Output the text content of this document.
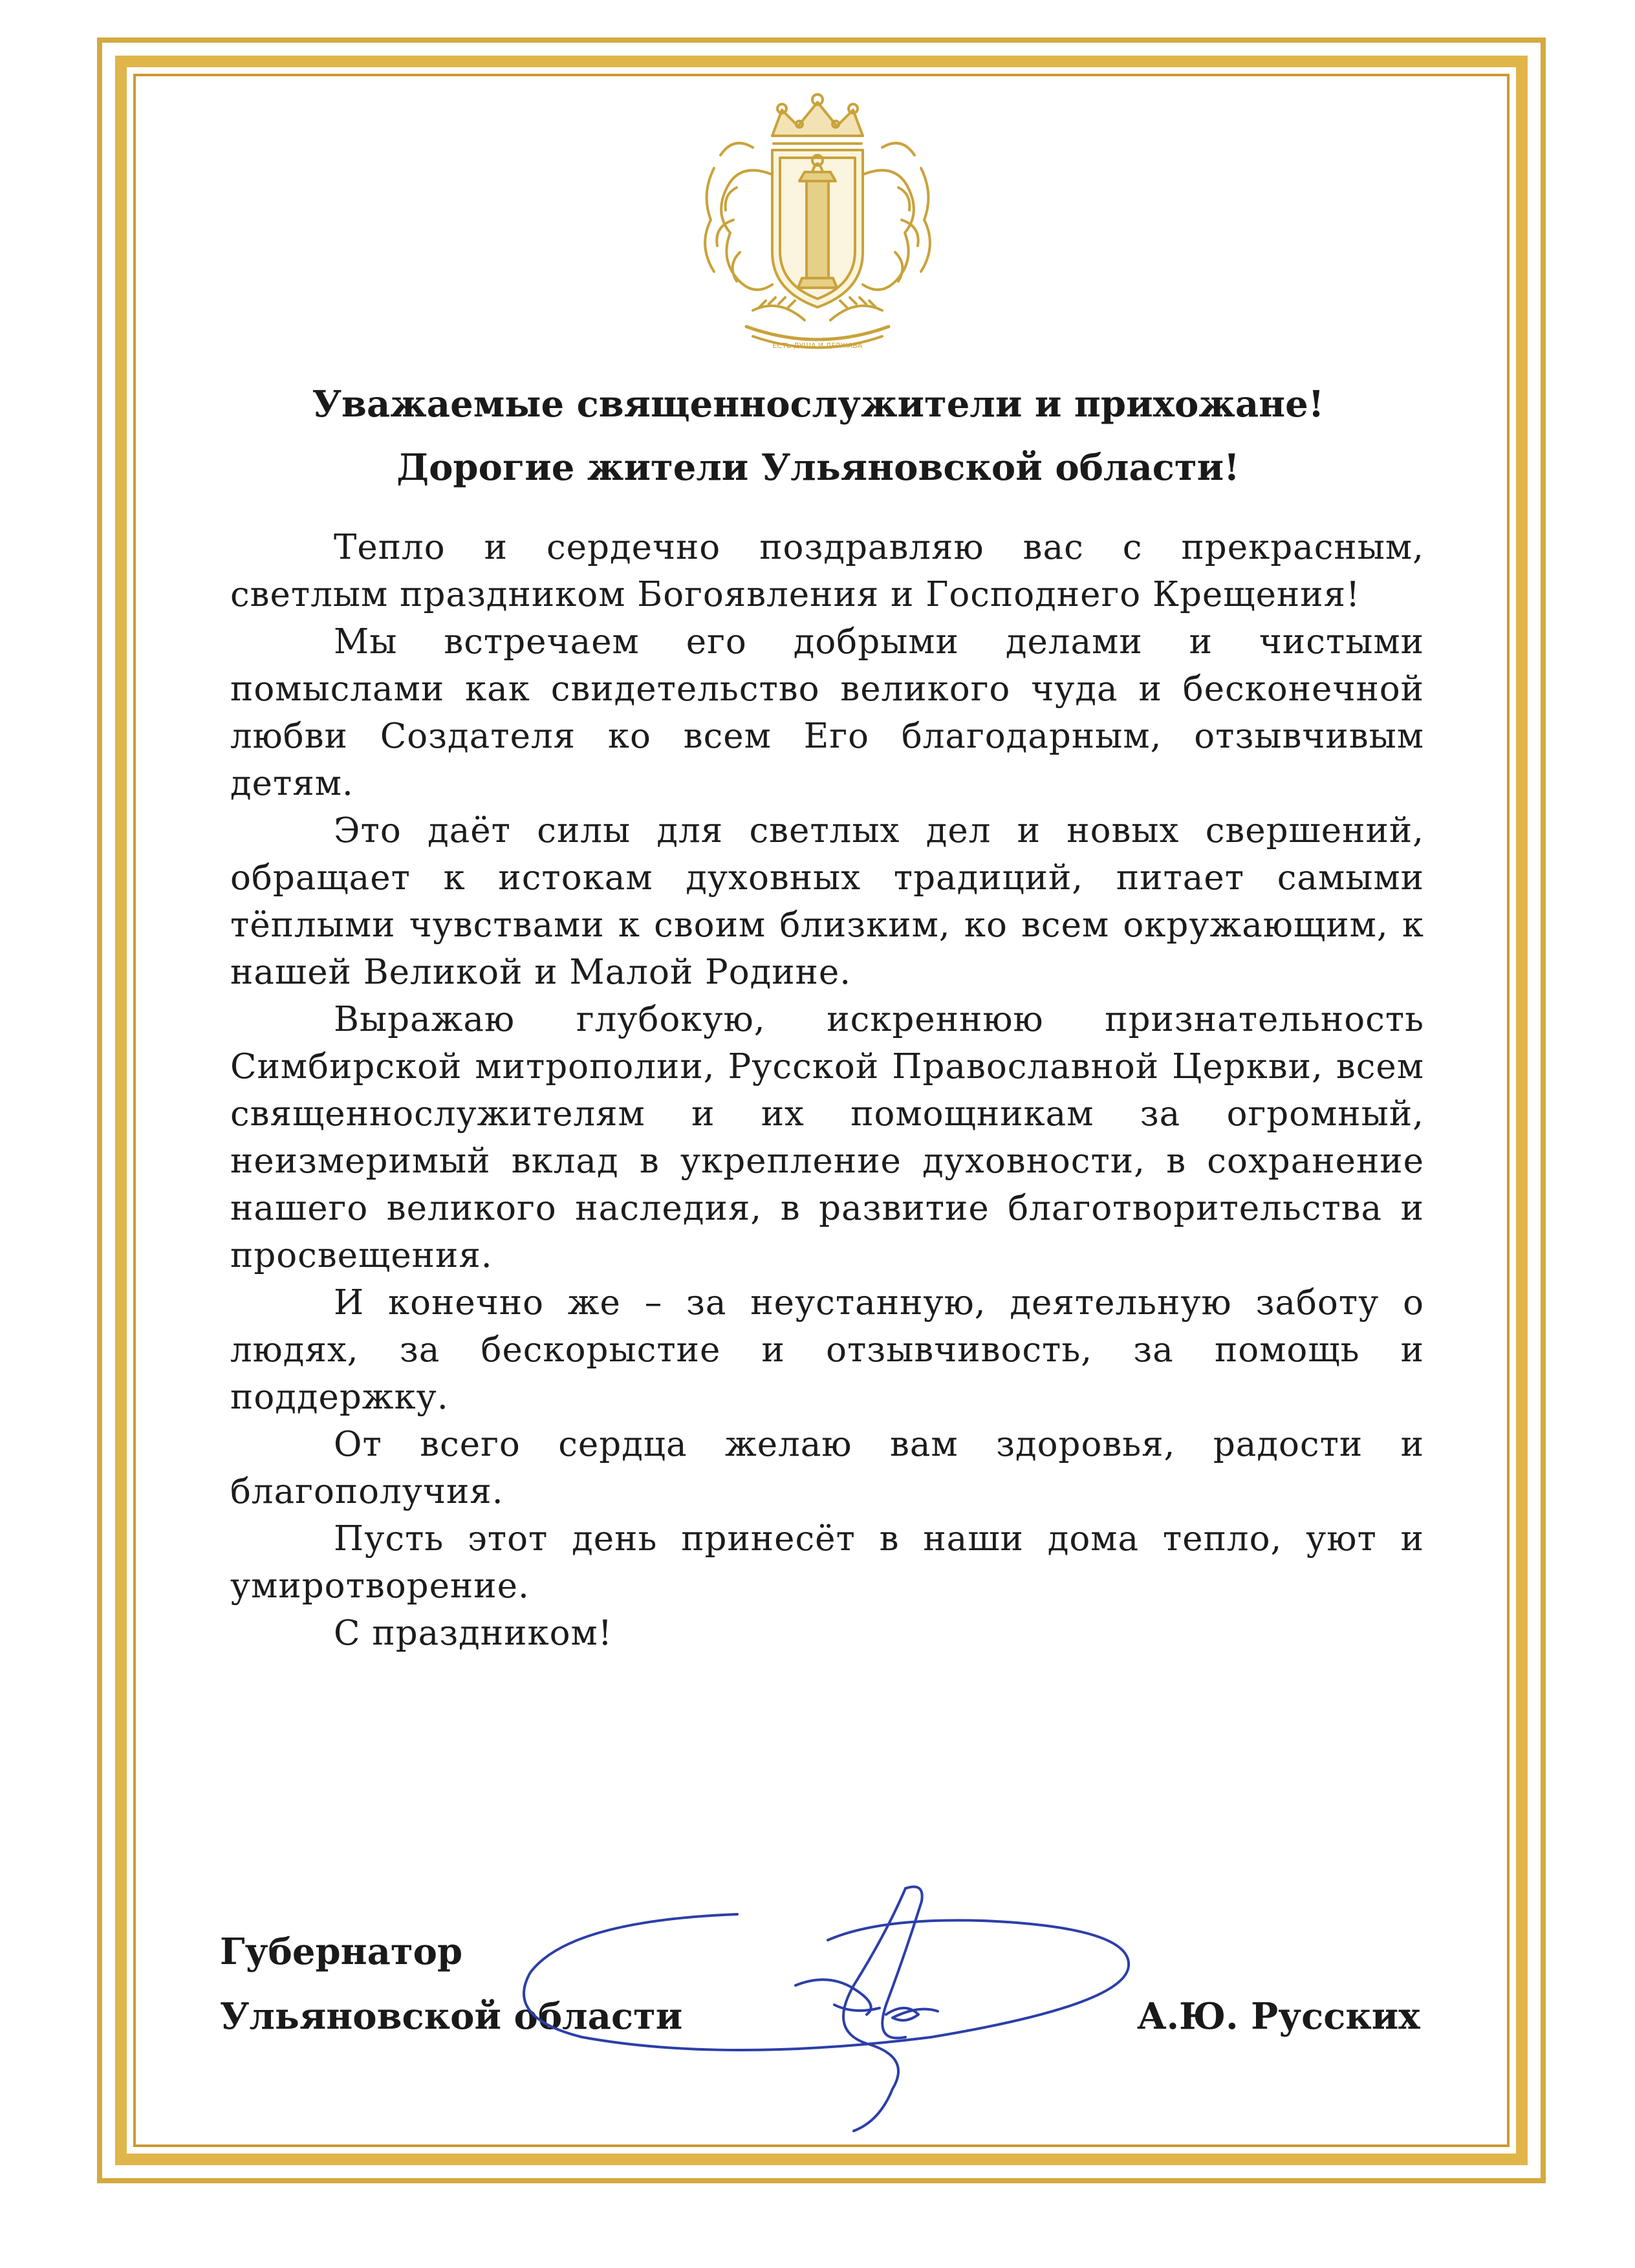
ЕСТЬ ДУША И ДЕРЖАВА
Уважаемые священнослужители и прихожане!
Дорогие жители Ульяновской области!

Тепло и сердечно поздравляю вас с прекрасным, светлым праздником Богоявления и Господнего Крещения!

Мы встречаем его добрыми делами и чистыми помыслами как свидетельство великого чуда и бесконечной любви Создателя ко всем Его благодарным, отзывчивым детям.

Это даёт силы для светлых дел и новых свершений, обращает к истокам духовных традиций, питает самыми тёплыми чувствами к своим близким, ко всем окружающим, к нашей Великой и Малой Родине.

Выражаю глубокую, искреннюю признательность Симбирской митрополии, Русской Православной Церкви, всем священнослужителям и их помощникам за огромный, неизмеримый вклад в укрепление духовности, в сохранение нашего великого наследия, в развитие благотворительства и просвещения.

И конечно же – за неустанную, деятельную заботу о людях, за бескорыстие и отзывчивость, за помощь и поддержку.

От всего сердца желаю вам здоровья, радости и благополучия.

Пусть этот день принесёт в наши дома тепло, уют и умиротворение.

С праздником!

Губернатор
Ульяновской области	А.Ю. Русских
